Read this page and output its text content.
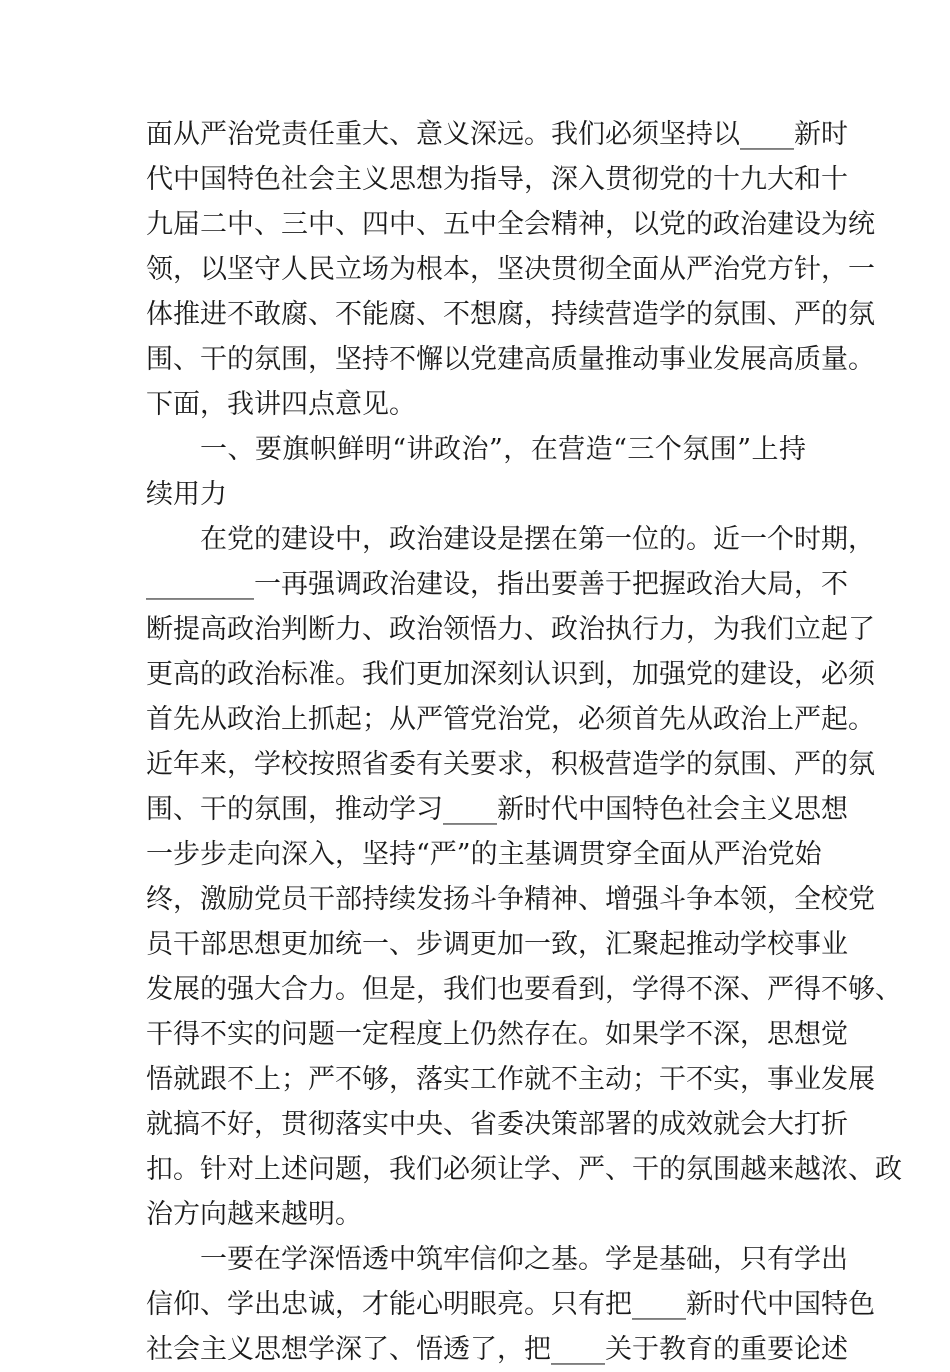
面从严治党责任重大、意义深远。我们必须坚持以____新时
代中国特色社会主义思想为指导，深入贯彻党的十九大和十
九届二中、三中、四中、五中全会精神，以党的政治建设为统
领，以坚守人民立场为根本，坚决贯彻全面从严治党方针，一
体推进不敢腐、不能腐、不想腐，持续营造学的氛围、严的氛
围、干的氛围，坚持不懈以党建高质量推动事业发展高质量。
下面，我讲四点意见。
一、要旗帜鲜明“讲政治”，在营造“三个氛围”上持
续用力
在党的建设中，政治建设是摆在第一位的。近一个时期，
________一再强调政治建设，指出要善于把握政治大局，不
断提高政治判断力、政治领悟力、政治执行力，为我们立起了
更高的政治标准。我们更加深刻认识到，加强党的建设，必须
首先从政治上抓起；从严管党治党，必须首先从政治上严起。
近年来，学校按照省委有关要求，积极营造学的氛围、严的氛
围、干的氛围，推动学习____新时代中国特色社会主义思想
一步步走向深入，坚持“严”的主基调贯穿全面从严治党始
终，激励党员干部持续发扬斗争精神、增强斗争本领，全校党
员干部思想更加统一、步调更加一致，汇聚起推动学校事业
发展的强大合力。但是，我们也要看到，学得不深、严得不够、
干得不实的问题一定程度上仍然存在。如果学不深，思想觉
悟就跟不上；严不够，落实工作就不主动；干不实，事业发展
就搞不好，贯彻落实中央、省委决策部署的成效就会大打折
扣。针对上述问题，我们必须让学、严、干的氛围越来越浓、政
治方向越来越明。
一要在学深悟透中筑牢信仰之基。学是基础，只有学出
信仰、学出忠诚，才能心明眼亮。只有把____新时代中国特色
社会主义思想学深了、悟透了，把____关于教育的重要论述
